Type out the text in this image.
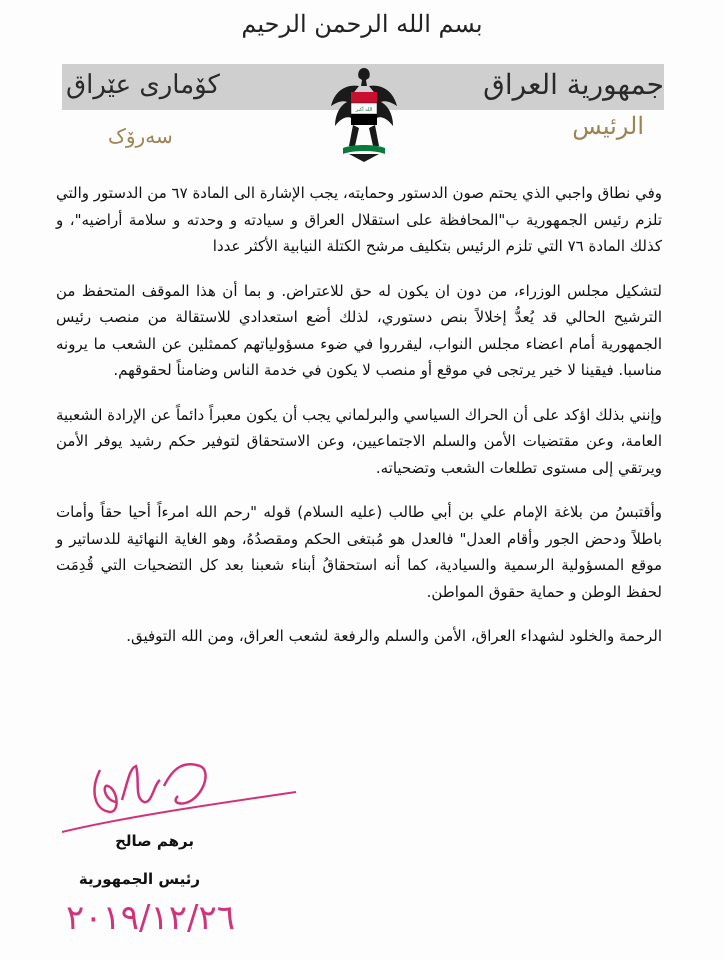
بسم الله الرحمن الرحيم
جمهورية العراق
كۆماری عێراق
الرئيس
سەرۆک
الله أكبر

وفي نطاق واجبي الذي يحتم صون الدستور وحمايته، يجب الإشارة الى المادة ٦٧ من الدستور والتي تلزم رئيس الجمهورية ب"المحافظة على استقلال العراق و سيادته و وحدته و سلامة أراضيه"، و كذلك المادة ٧٦ التي تلزم الرئيس بتكليف مرشح الكتلة النيابية الأكثر عددا

لتشكيل مجلس الوزراء، من دون ان يكون له حق للاعتراض. و بما أن هذا الموقف المتحفظ من الترشيح الحالي قد يُعدُّ إخلالاً بنص دستوري، لذلك أضع استعدادي للاستقالة من منصب رئيس الجمهورية أمام اعضاء مجلس النواب، ليقرروا في ضوء مسؤولياتهم كممثلين عن الشعب ما يرونه مناسبا. فيقينا لا خير يرتجى في موقع أو منصب لا يكون في خدمة الناس وضامناً لحقوقهم.

وإنني بذلك اؤكد على أن الحراك السياسي والبرلماني يجب أن يكون معبراً دائماً عن الإرادة الشعبية العامة، وعن مقتضيات الأمن والسلم الاجتماعيين، وعن الاستحقاق لتوفير حكم رشيد يوفر الأمن ويرتقي إلى مستوى تطلعات الشعب وتضحياته.

وأقتبسُ من بلاغة الإمام علي بن أبي طالب (عليه السلام) قوله "رحم الله امرءاً أحيا حقاً وأمات باطلاً ودحض الجور وأقام العدل" فالعدل هو مُبتغى الحكم ومقصدُهُ، وهو الغاية النهائية للدساتير و موقع المسؤولية الرسمية والسيادية، كما أنه استحقاقُ أبناء شعبنا بعد كل التضحيات التي قُدِمَت لحفظ الوطن و حماية حقوق المواطن.

الرحمة والخلود لشهداء العراق، الأمن والسلم والرفعة لشعب العراق، ومن الله التوفيق.

برهم صالح
رئيس الجمهورية
٢٠١٩/١٢/٢٦
